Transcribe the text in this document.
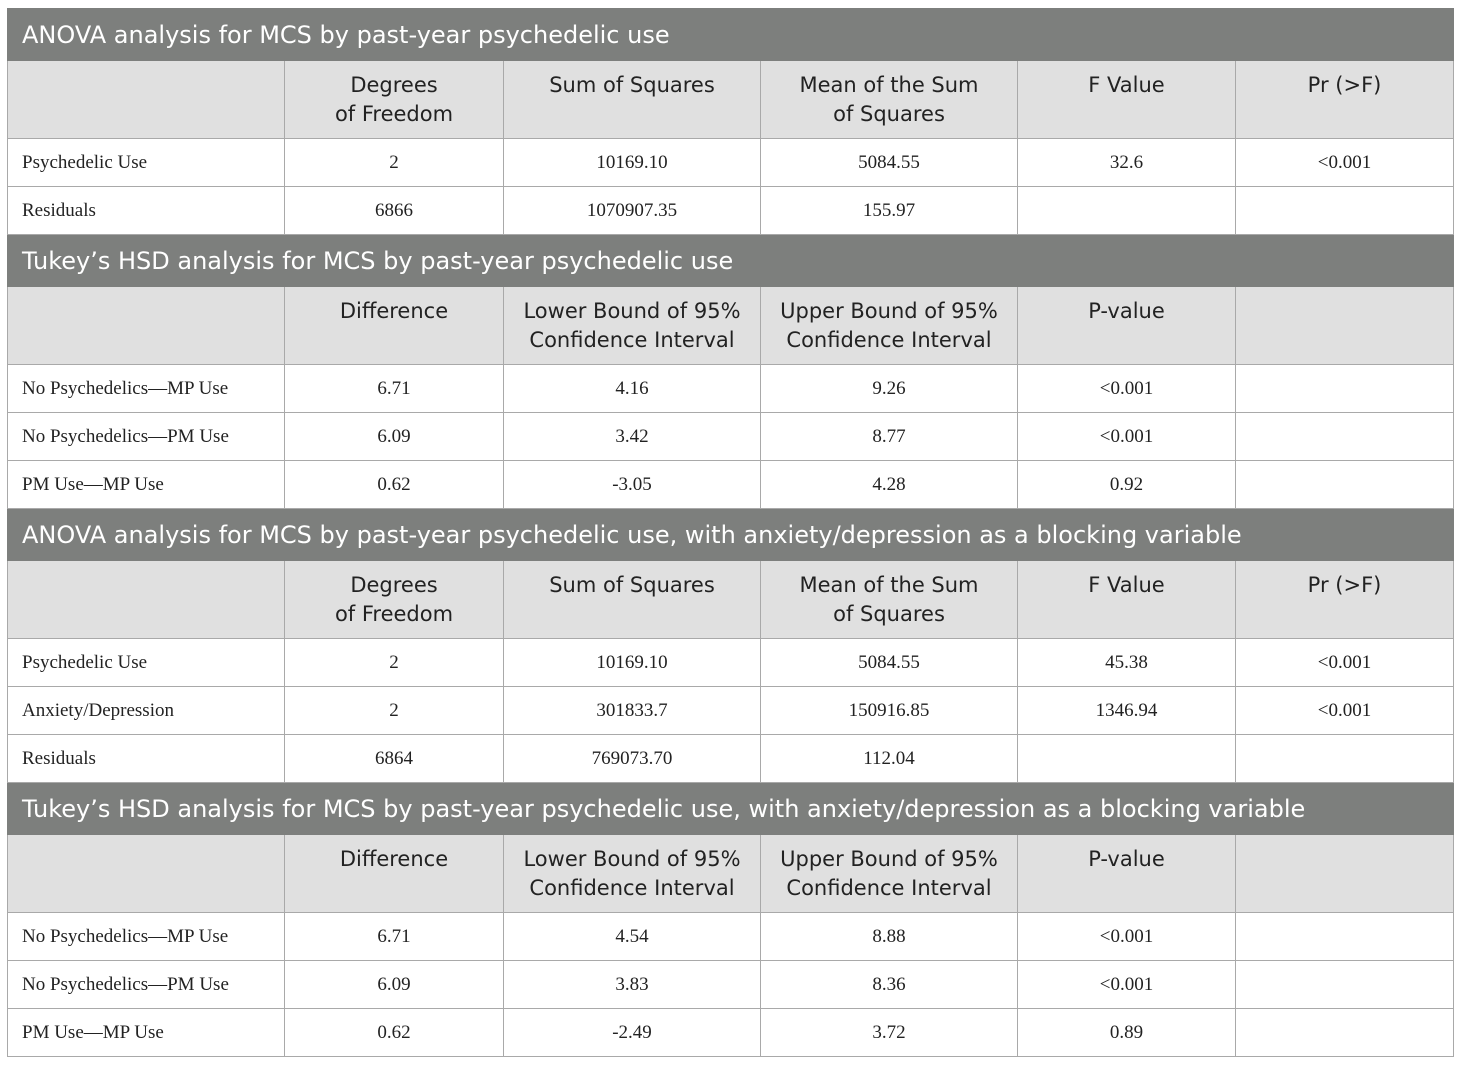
ANOVA analysis for MCS by past-year psychedelic use					

	Degrees
of Freedom	Sum of Squares	Mean of the Sum
of Squares	F Value	Pr (>F)

Psychedelic Use	2	10169.10	5084.55	32.6	<0.001
Residuals	6866	1070907.35	155.97		
Tukey’s HSD analysis for MCS by past-year psychedelic use					

	Difference	Lower Bound of 95%
Confidence Interval	Upper Bound of 95%
Confidence Interval	P-value	

No Psychedelics—MP Use	6.71	4.16	9.26	<0.001	
No Psychedelics—PM Use	6.09	3.42	8.77	<0.001	
PM Use—MP Use	0.62	-3.05	4.28	0.92	
ANOVA analysis for MCS by past-year psychedelic use, with anxiety/depression as a blocking variable					

	Degrees
of Freedom	Sum of Squares	Mean of the Sum
of Squares	F Value	Pr (>F)

Psychedelic Use	2	10169.10	5084.55	45.38	<0.001
Anxiety/Depression	2	301833.7	150916.85	1346.94	<0.001
Residuals	6864	769073.70	112.04		
Tukey’s HSD analysis for MCS by past-year psychedelic use, with anxiety/depression as a blocking variable					

	Difference	Lower Bound of 95%
Confidence Interval	Upper Bound of 95%
Confidence Interval	P-value	

No Psychedelics—MP Use	6.71	4.54	8.88	<0.001	
No Psychedelics—PM Use	6.09	3.83	8.36	<0.001	
PM Use—MP Use	0.62	-2.49	3.72	0.89	
